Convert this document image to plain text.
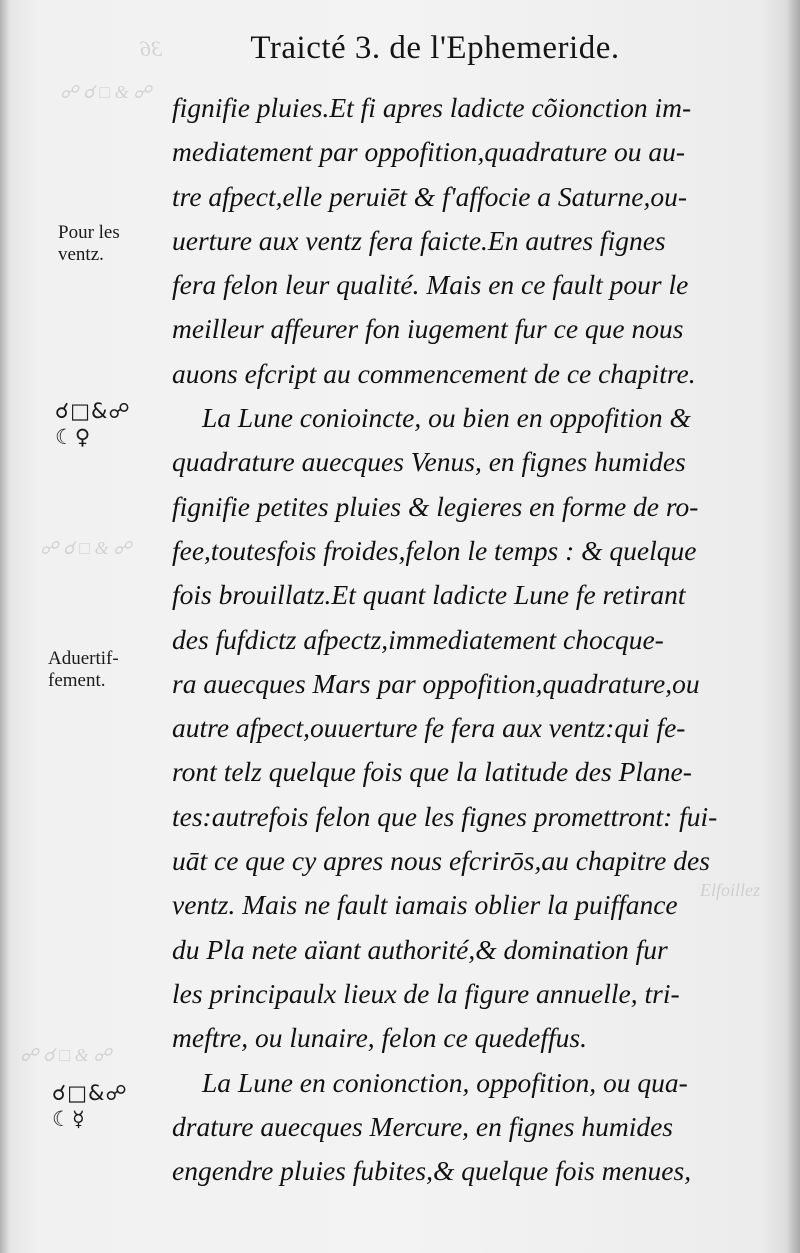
36
☍ ☌ □ & ☍
☍ ☌ □ & ☍
☍ ☌ □ & ☍
Elfoillez
Traicté 3. de l'Ephemeride.
Pour les
ventz.
☌□&☍
☾♀
Aduertif-
fement.
☌□&☍
☾☿
fignifie pluies.Et fi apres ladicte cõionction im-
mediatement par oppofition,quadrature ou au-
tre afpect,elle peruiēt & f'affocie a Saturne,ou-
uerture aux ventz fera faicte.En autres fignes
fera felon leur qualité. Mais en ce fault pour le
meilleur affeurer fon iugement fur ce que nous
auons efcript au commencement de ce chapitre.
La Lune conioincte, ou bien en oppofition &
quadrature auecques Venus, en fignes humides
fignifie petites pluies & legieres en forme de ro-
fee,toutesfois froides,felon le temps : & quelque
fois brouillatz.Et quant ladicte Lune fe retirant
des fufdictz afpectz,immediatement chocque-
ra auecques Mars par oppofition,quadrature,ou
autre afpect,ouuerture fe fera aux ventz:qui fe-
ront telz quelque fois que la latitude des Plane-
tes:autrefois felon que les fignes promettront: fui-
uāt ce que cy apres nous efcrirōs,au chapitre des
ventz. Mais ne fault iamais oblier la puiffance
du Pla nete aïant authorité,& domination fur
les principaulx lieux de la figure annuelle, tri-
meftre, ou lunaire, felon ce quedeffus.
La Lune en conionction, oppofition, ou qua-
drature auecques Mercure, en fignes humides
engendre pluies fubites,& quelque fois menues,
